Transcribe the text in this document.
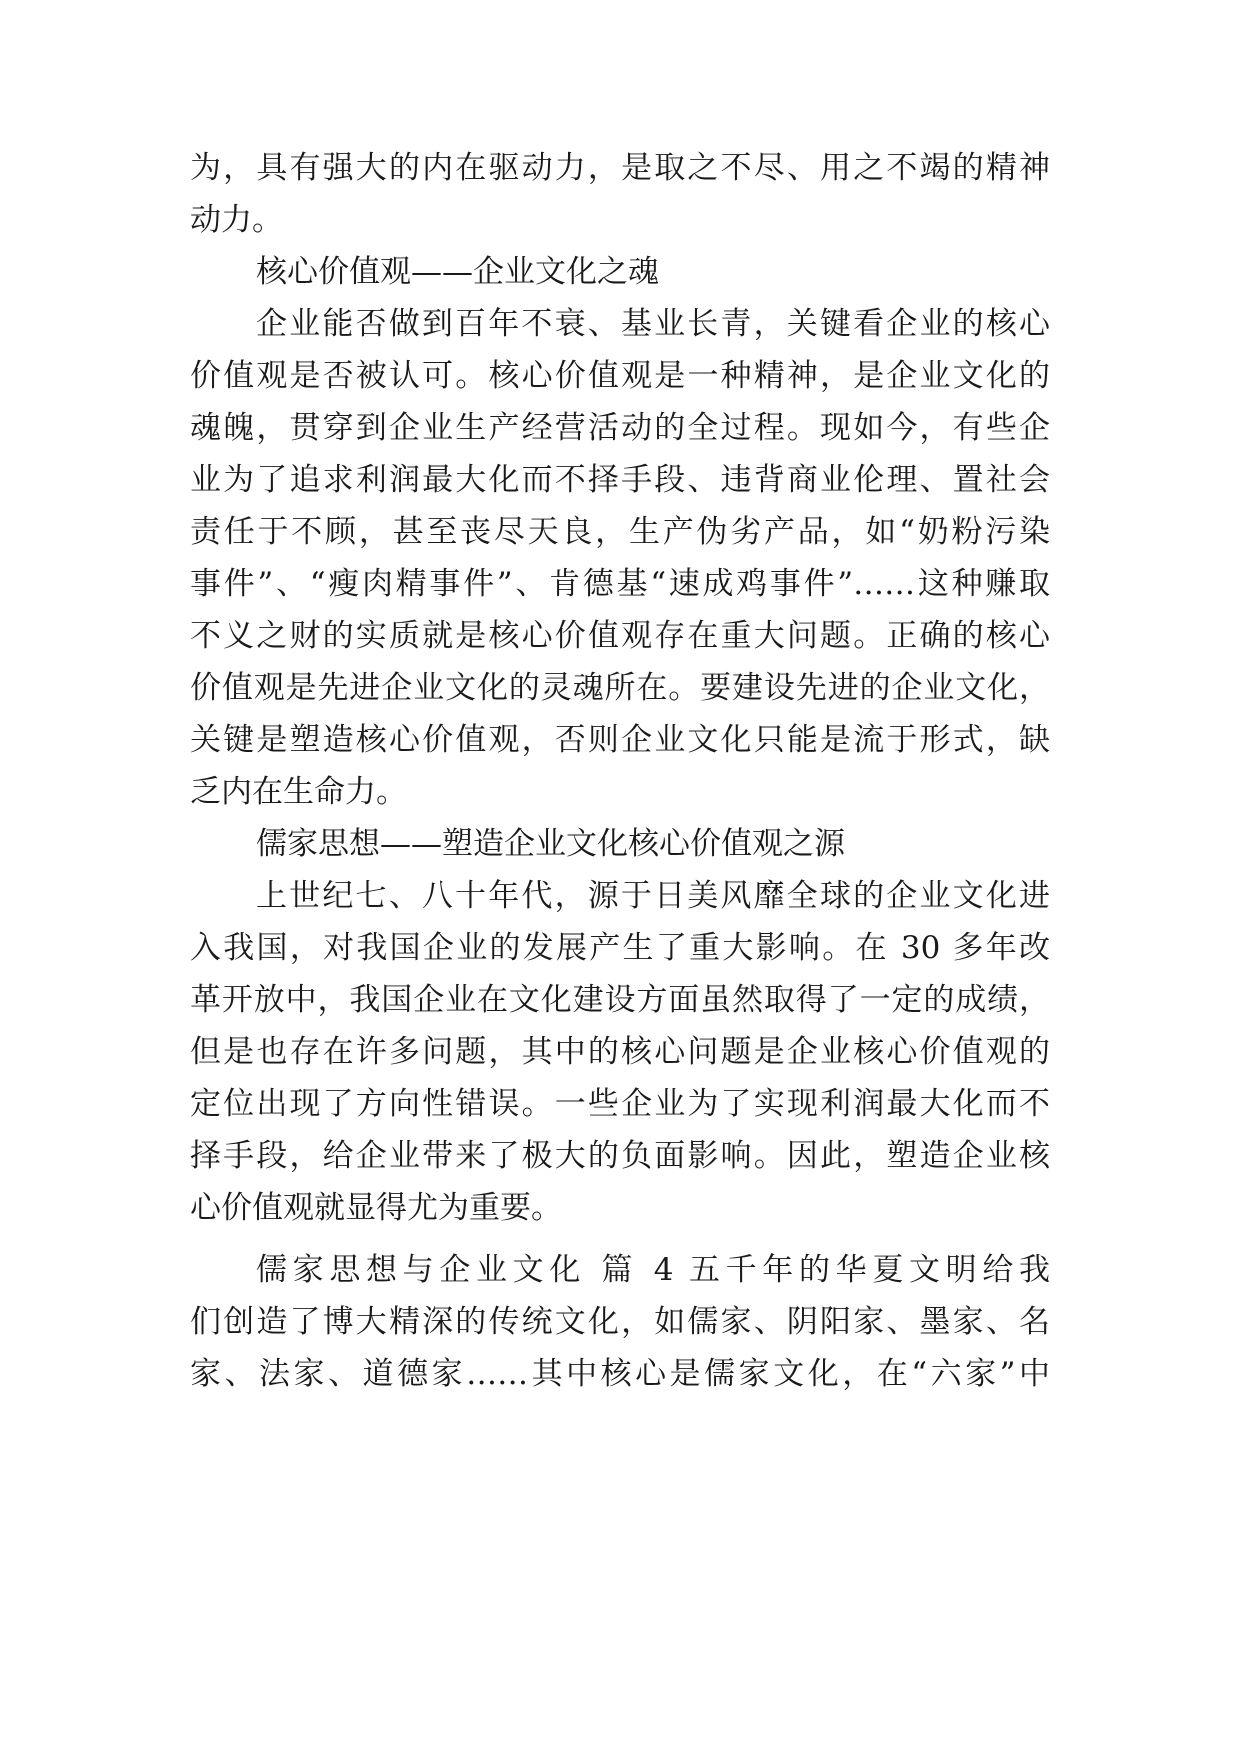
为，具有强大的内在驱动力，是取之不尽、用之不竭的精神
动力。
核心价值观——企业文化之魂
企业能否做到百年不衰、基业长青，关键看企业的核心
价值观是否被认可。核心价值观是一种精神，是企业文化的
魂魄，贯穿到企业生产经营活动的全过程。现如今，有些企
业为了追求利润最大化而不择手段、违背商业伦理、置社会
责任于不顾，甚至丧尽天良，生产伪劣产品，如“奶粉污染
事件”、“瘦肉精事件”、肯德基“速成鸡事件”……这种赚取
不义之财的实质就是核心价值观存在重大问题。正确的核心
价值观是先进企业文化的灵魂所在。要建设先进的企业文化，
关键是塑造核心价值观，否则企业文化只能是流于形式，缺
乏内在生命力。
儒家思想——塑造企业文化核心价值观之源
上世纪七、八十年代，源于日美风靡全球的企业文化进
入我国，对我国企业的发展产生了重大影响。在 30 多年改
革开放中，我国企业在文化建设方面虽然取得了一定的成绩，
但是也存在许多问题，其中的核心问题是企业核心价值观的
定位出现了方向性错误。一些企业为了实现利润最大化而不
择手段，给企业带来了极大的负面影响。因此，塑造企业核
心价值观就显得尤为重要。
儒家思想与企业文化 篇 4 五千年的华夏文明给我
们创造了博大精深的传统文化，如儒家、阴阳家、墨家、名
家、法家、道德家……其中核心是儒家文化，在“六家”中
